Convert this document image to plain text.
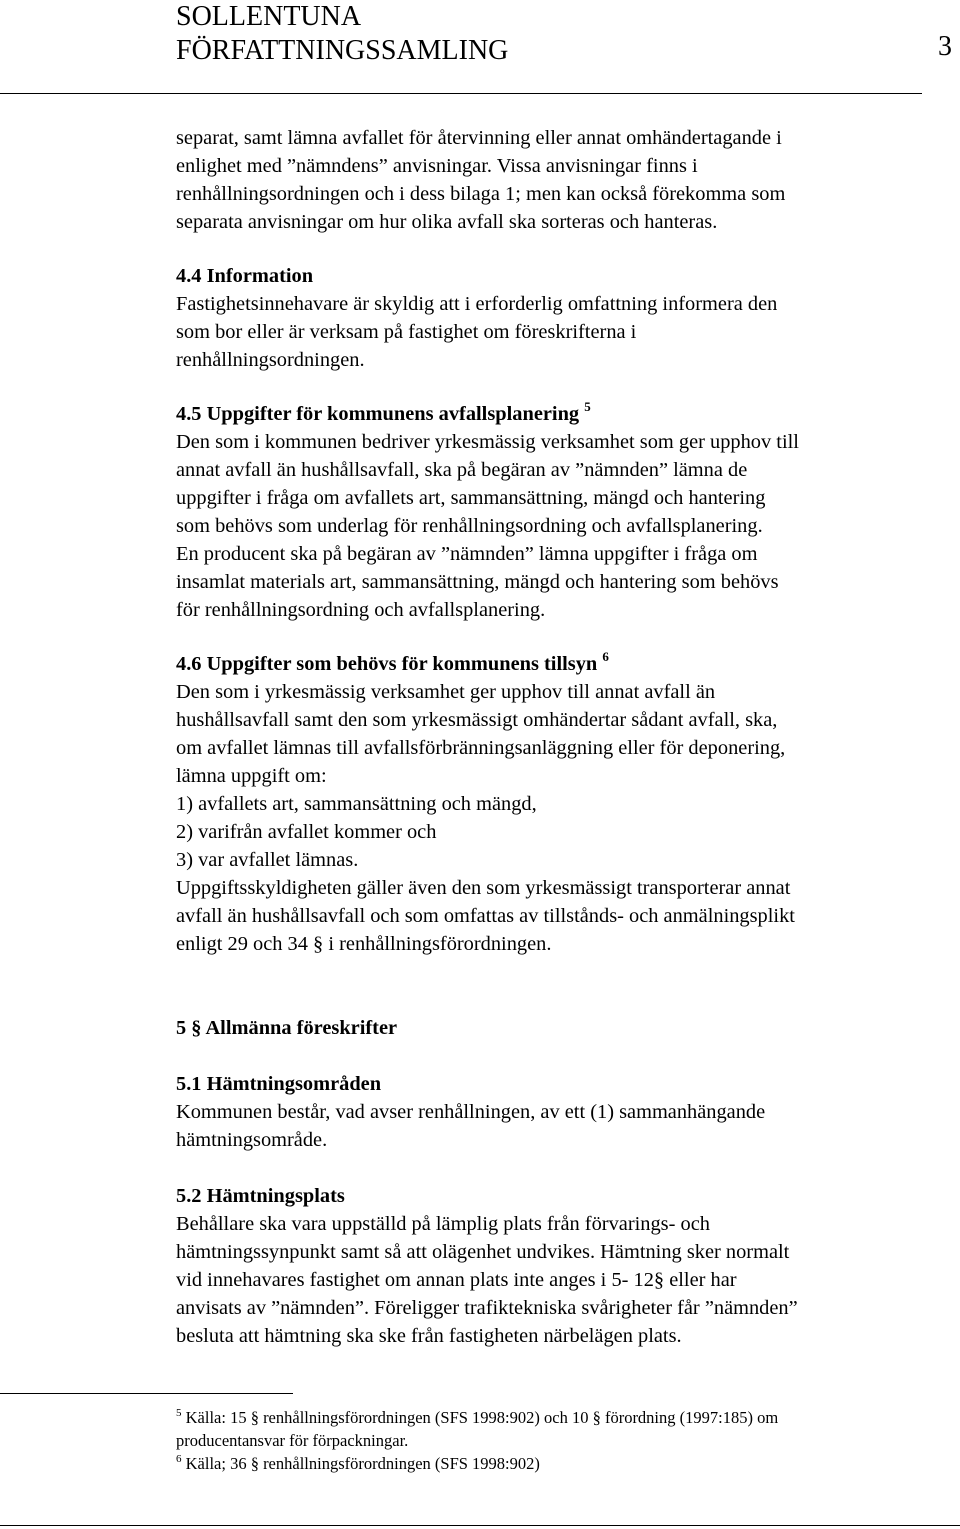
SOLLENTUNA
FÖRFATTNINGSSAMLING	3

separat, samt lämna avfallet för återvinning eller annat omhändertagande i

enlighet med ”nämndens” anvisningar. Vissa anvisningar finns i

renhållningsordningen och i dess bilaga 1; men kan också förekomma som

separata anvisningar om hur olika avfall ska sorteras och hanteras.

4.4 Information

Fastighetsinnehavare är skyldig att i erforderlig omfattning informera den

som bor eller är verksam på fastighet om föreskrifterna i

renhållningsordningen.

4.5 Uppgifter för kommunens avfallsplanering $^5$

Den som i kommunen bedriver yrkesmässig verksamhet som ger upphov till

annat avfall än hushållsavfall, ska på begäran av ”nämnden” lämna de

uppgifter i fråga om avfallets art, sammansättning, mängd och hantering

som behövs som underlag för renhållningsordning och avfallsplanering.

En producent ska på begäran av ”nämnden” lämna uppgifter i fråga om

insamlat materials art, sammansättning, mängd och hantering som behövs

för renhållningsordning och avfallsplanering.

4.6 Uppgifter som behövs för kommunens tillsyn $^6$

Den som i yrkesmässig verksamhet ger upphov till annat avfall än

hushållsavfall samt den som yrkesmässigt omhändertar sådant avfall, ska,

om avfallet lämnas till avfallsförbränningsanläggning eller för deponering,

lämna uppgift om:

1) avfallets art, sammansättning och mängd,

2) varifrån avfallet kommer och

3) var avfallet lämnas.

Uppgiftsskyldigheten gäller även den som yrkesmässigt transporterar annat

avfall än hushållsavfall och som omfattas av tillstånds- och anmälningsplikt

enligt 29 och 34 § i renhållningsförordningen.

5 § Allmänna föreskrifter
5.1 Hämtningsområden

Kommunen består, vad avser renhållningen, av ett (1) sammanhängande

hämtningsområde.

5.2 Hämtningsplats

Behållare ska vara uppställd på lämplig plats från förvarings- och

hämtningssynpunkt samt så att olägenhet undvikes. Hämtning sker normalt

vid innehavares fastighet om annan plats inte anges i 5- 12§ eller har

anvisats av ”nämnden”. Föreligger trafiktekniska svårigheter får ”nämnden”

besluta att hämtning ska ske från fastigheten närbelägen plats.

$^5$ Källa: 15 § renhållningsförordningen (SFS 1998:902) och 10 § förordning (1997:185) om

producentansvar för förpackningar.

$^6$ Källa; 36 § renhållningsförordningen (SFS 1998:902)
